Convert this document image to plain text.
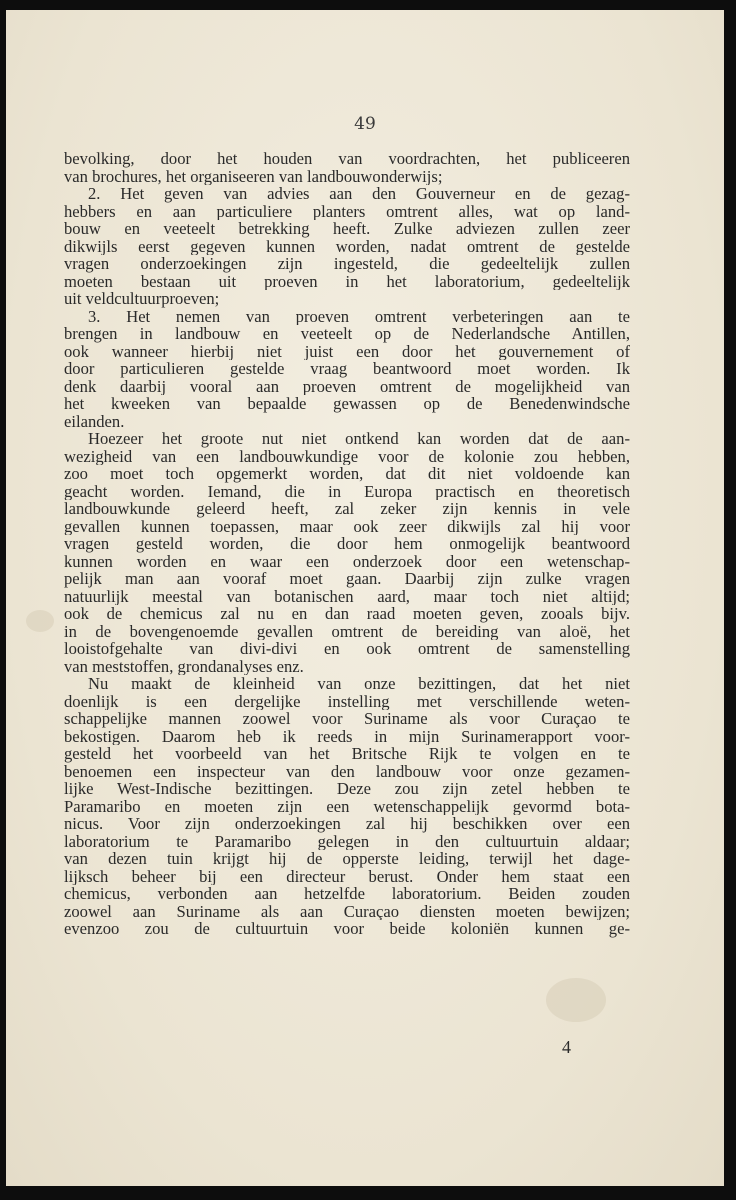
49
bevolking, door het houden van voordrachten, het publiceeren
van brochures, het organiseeren van landbouwonderwijs;
2. Het geven van advies aan den Gouverneur en de gezag-
hebbers en aan particuliere planters omtrent alles, wat op land-
bouw en veeteelt betrekking heeft. Zulke adviezen zullen zeer
dikwijls eerst gegeven kunnen worden, nadat omtrent de gestelde
vragen onderzoekingen zijn ingesteld, die gedeeltelijk zullen
moeten bestaan uit proeven in het laboratorium, gedeeltelijk
uit veldcultuurproeven;
3. Het nemen van proeven omtrent verbeteringen aan te
brengen in landbouw en veeteelt op de Nederlandsche Antillen,
ook wanneer hierbij niet juist een door het gouvernement of
door particulieren gestelde vraag beantwoord moet worden. Ik
denk daarbij vooral aan proeven omtrent de mogelijkheid van
het kweeken van bepaalde gewassen op de Benedenwindsche
eilanden.
Hoezeer het groote nut niet ontkend kan worden dat de aan-
wezigheid van een landbouwkundige voor de kolonie zou hebben,
zoo moet toch opgemerkt worden, dat dit niet voldoende kan
geacht worden. Iemand, die in Europa practisch en theoretisch
landbouwkunde geleerd heeft, zal zeker zijn kennis in vele
gevallen kunnen toepassen, maar ook zeer dikwijls zal hij voor
vragen gesteld worden, die door hem onmogelijk beantwoord
kunnen worden en waar een onderzoek door een wetenschap-
pelijk man aan vooraf moet gaan. Daarbij zijn zulke vragen
natuurlijk meestal van botanischen aard, maar toch niet altijd;
ook de chemicus zal nu en dan raad moeten geven, zooals bijv.
in de bovengenoemde gevallen omtrent de bereiding van aloë, het
looistofgehalte van divi-divi en ook omtrent de samenstelling
van meststoffen, grondanalyses enz.
Nu maakt de kleinheid van onze bezittingen, dat het niet
doenlijk is een dergelijke instelling met verschillende weten-
schappelijke mannen zoowel voor Suriname als voor Curaçao te
bekostigen. Daarom heb ik reeds in mijn Surinamerapport voor-
gesteld het voorbeeld van het Britsche Rijk te volgen en te
benoemen een inspecteur van den landbouw voor onze gezamen-
lijke West-Indische bezittingen. Deze zou zijn zetel hebben te
Paramaribo en moeten zijn een wetenschappelijk gevormd bota-
nicus. Voor zijn onderzoekingen zal hij beschikken over een
laboratorium te Paramaribo gelegen in den cultuurtuin aldaar;
van dezen tuin krijgt hij de opperste leiding, terwijl het dage-
lijksch beheer bij een directeur berust. Onder hem staat een
chemicus, verbonden aan hetzelfde laboratorium. Beiden zouden
zoowel aan Suriname als aan Curaçao diensten moeten bewijzen;
evenzoo zou de cultuurtuin voor beide koloniën kunnen ge-
4
